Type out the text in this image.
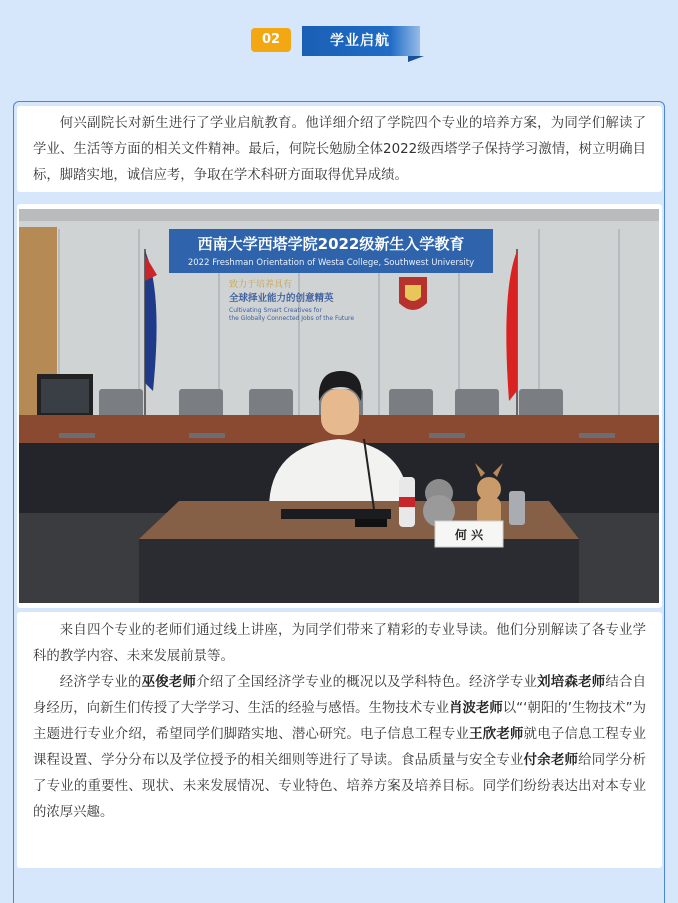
02	学业启航

何兴副院长对新生进行了学业启航教育。他详细介绍了学院四个专业的培养方案，为同学们解读了学业、生活等方面的相关文件精神。最后，何院长勉励全体2022级西塔学子保持学习激情，树立明确目标，脚踏实地，诚信应考，争取在学术科研方面取得优异成绩。

西南大学西塔学院2022级新生入学教育
2022 Freshman Orientation of Westa College, Southwest University
致力于培养具有
全球择业能力的创意精英
Cultivating Smart Creatives for
the Globally Connected Jobs of the Future
何 兴

来自四个专业的老师们通过线上讲座，为同学们带来了精彩的专业导读。他们分别解读了各专业学科的教学内容、未来发展前景等。

经济学专业的巫俊老师介绍了全国经济学专业的概况以及学科特色。经济学专业刘培森老师结合自身经历，向新生们传授了大学学习、生活的经验与感悟。生物技术专业肖波老师以“‘朝阳的’生物技术”为主题进行专业介绍，希望同学们脚踏实地、潜心研究。电子信息工程专业王欣老师就电子信息工程专业课程设置、学分分布以及学位授予的相关细则等进行了导读。食品质量与安全专业付余老师给同学分析了专业的重要性、现状、未来发展情况、专业特色、培养方案及培养目标。同学们纷纷表达出对本专业的浓厚兴趣。
